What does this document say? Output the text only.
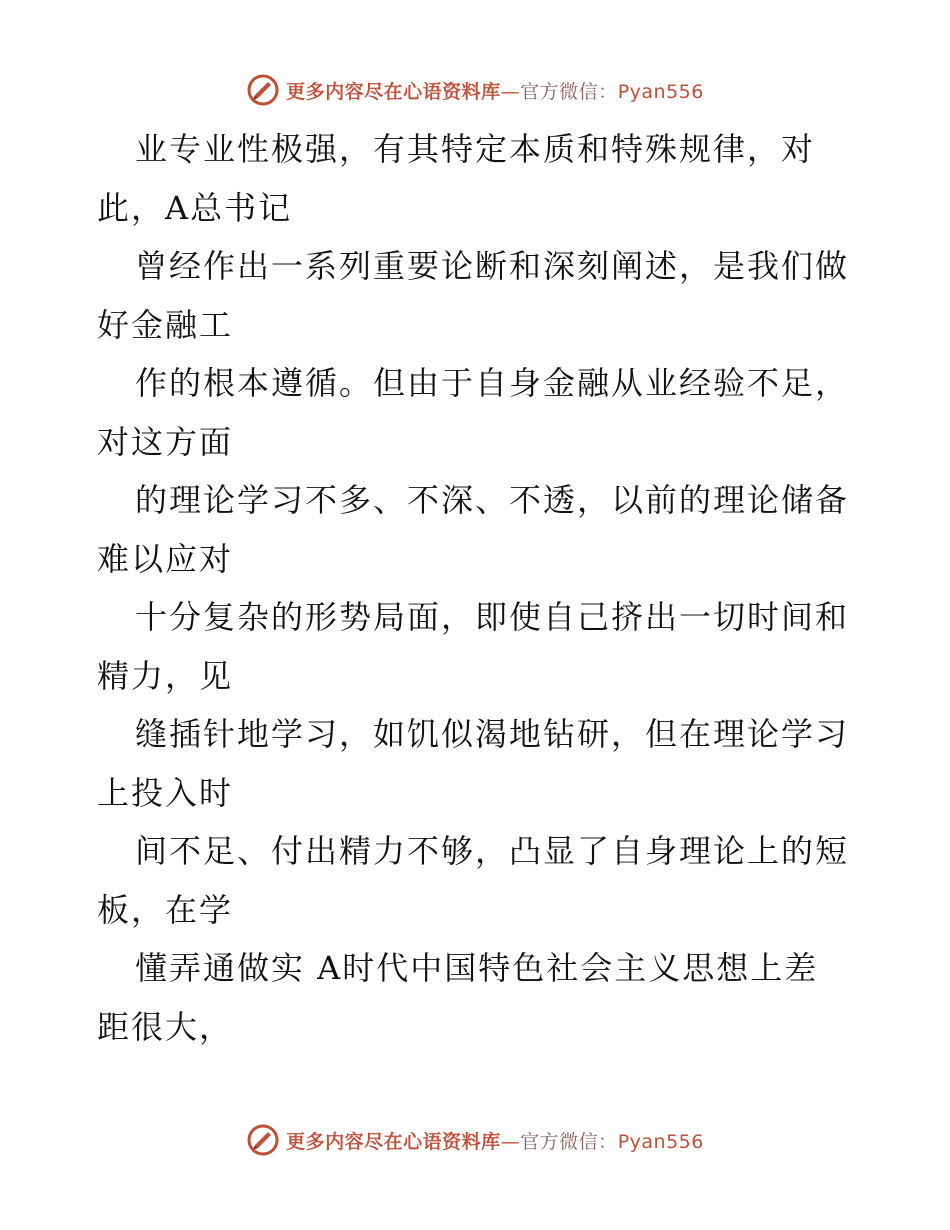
更多内容尽在心语资料库—官方微信：Pyan556
业专业性极强，有其特定本质和特殊规律，对
此，A总书记
曾经作出一系列重要论断和深刻阐述，是我们做
好金融工
作的根本遵循。但由于自身金融从业经验不足，
对这方面
的理论学习不多、不深、不透，以前的理论储备
难以应对
十分复杂的形势局面，即使自己挤出一切时间和
精力，见
缝插针地学习，如饥似渴地钻研，但在理论学习
上投入时
间不足、付出精力不够，凸显了自身理论上的短
板，在学
懂弄通做实 A时代中国特色社会主义思想上差
距很大，
更多内容尽在心语资料库—官方微信：Pyan556
